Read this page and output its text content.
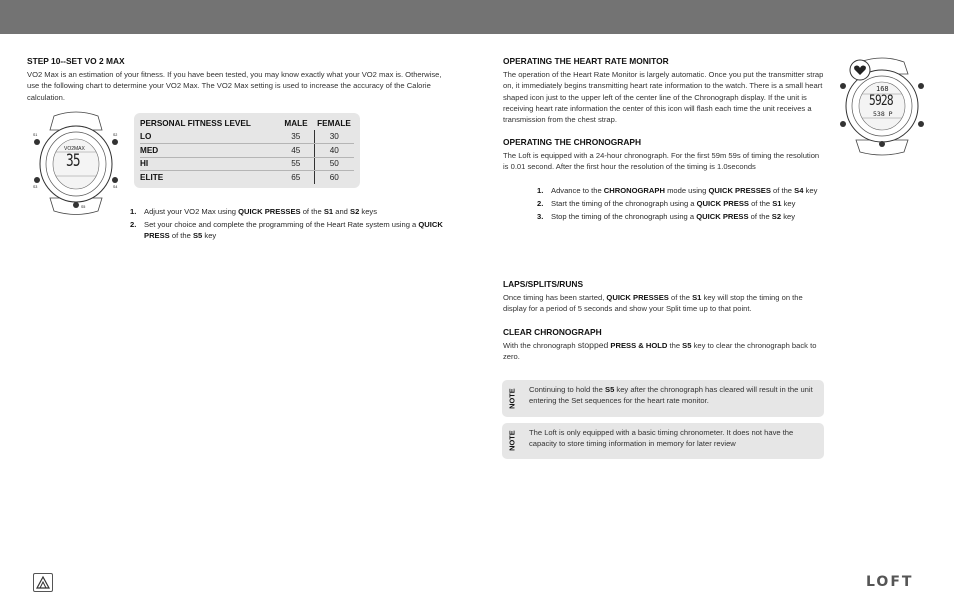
STEP 10--SET VO 2 MAX
VO2 Max is an estimation of your fitness. If you have been tested, you may know exactly what your VO2 max is. Otherwise, use the following chart to determine your VO2 Max. The VO2 Max setting is used to increase the accuracy of the Calorie calculation.
VO2MAX
S1	S2
S3	S4
S5
35
PERSONAL FITNESS LEVEL	MALE	FEMALE
LO	35	30
MED	45	40
HI	55	50
ELITE	65	60
1. Adjust your VO2 Max using QUICK PRESSES of the S1 and S2 keys
2. Set your choice and complete the programming of the Heart Rate system using a QUICK PRESS of the S5 key
OPERATING THE HEART RATE MONITOR
The operation of the Heart Rate Monitor is largely automatic. Once you put the transmitter strap on, it immediately begins transmitting heart rate information to the watch. There is a small heart shaped icon just to the upper left of the center line of the Chronograph display. If the unit is receiving heart rate information the center of this icon will flash each time the unit receives a transmission from the chest strap.
168
5928
538 P
OPERATING THE CHRONOGRAPH
The Loft is equipped with a 24-hour chronograph. For the first 59m 59s of timing the resolution is 0.01 second. After the first hour the resolution of the timing is 1.0seconds
1. Advance to the CHRONOGRAPH mode using QUICK PRESSES of the S4 key
2. Start the timing of the chronograph using a QUICK PRESS of the S1 key
3. Stop the timing of the chronograph using a QUICK PRESS of the S2 key
LAPS/SPLITS/RUNS
Once timing has been started, QUICK PRESSES of the S1 key will stop the timing on the display for a period of 5 seconds and show your Split time up to that point.
CLEAR CHRONOGRAPH
With the chronograph stopped PRESS & HOLD the S5 key to clear the chronograph back to zero.
NOTE Continuing to hold the S5 key after the chronograph has cleared will result in the unit entering the Set sequences for the heart rate monitor.
NOTE The Loft is only equipped with a basic timing chronometer. It does not have the capacity to store timing information in memory for later review
LOFT
